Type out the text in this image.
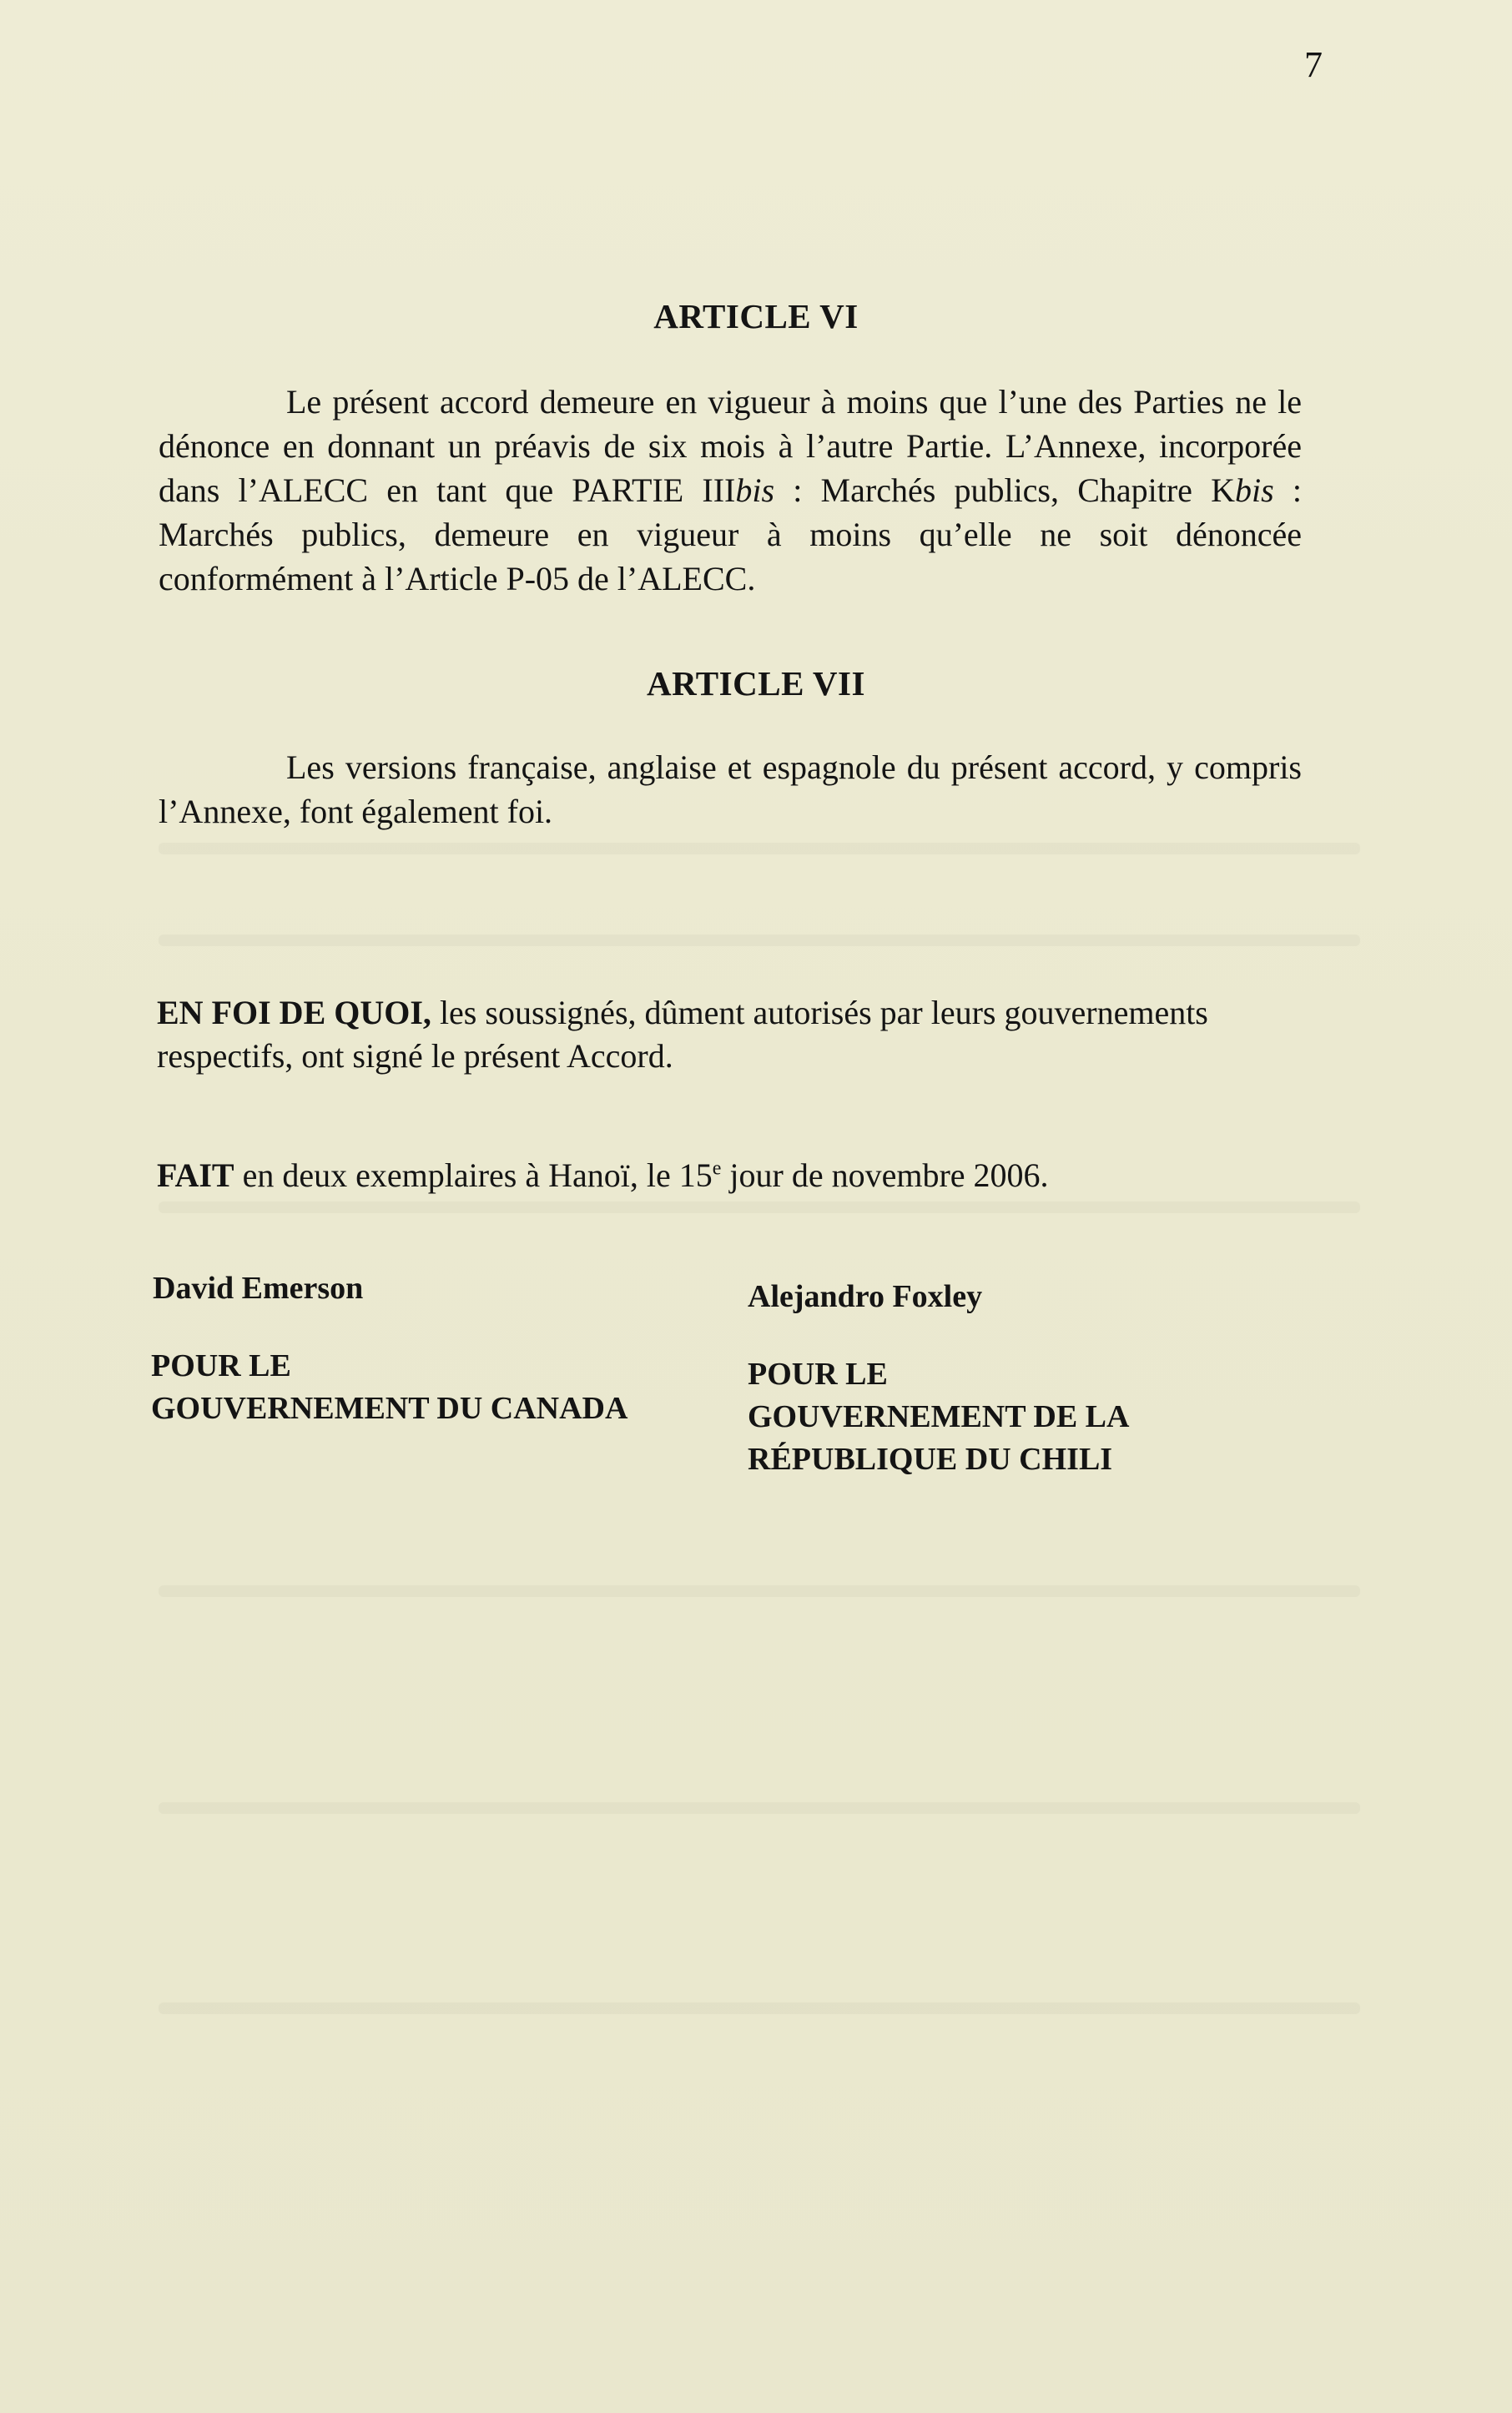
7
ARTICLE VI
Le présent accord demeure en vigueur à moins que l’une des Parties ne le dénonce en donnant un préavis de six mois à l’autre Partie. L’Annexe, incorporée dans l’ALECC en tant que PARTIE IIIbis : Marchés publics, Chapitre Kbis : Marchés publics, demeure en vigueur à moins qu’elle ne soit dénoncée conformément à l’Article P-05 de l’ALECC.
ARTICLE VII
Les versions française, anglaise et espagnole du présent accord, y compris l’Annexe, font également foi.
EN FOI DE QUOI, les soussignés, dûment autorisés par leurs gouvernements respectifs, ont signé le présent Accord.
FAIT en deux exemplaires à Hanoï, le 15e jour de novembre 2006.
David Emerson	Alejandro Foxley
POUR LE
GOUVERNEMENT DU CANADA
POUR LE
GOUVERNEMENT DE LA
RÉPUBLIQUE DU CHILI
